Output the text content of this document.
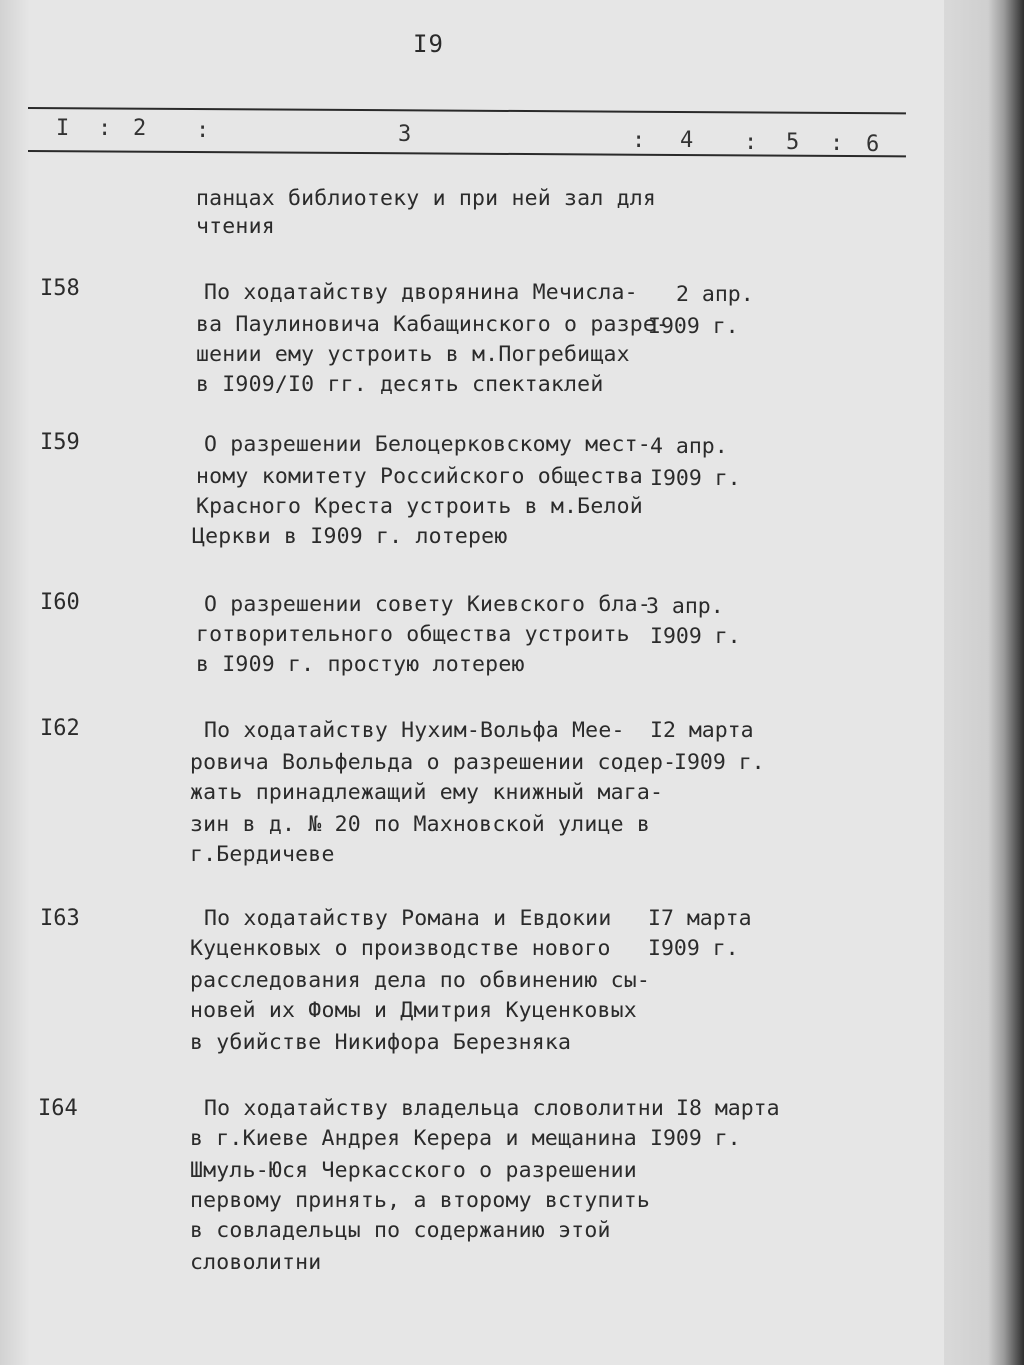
I9
I : 2 :	3	: 4 : 5 : 6
панцах библиотеку и при ней зал для
чтения
I58	По ходатайству дворянина Мечисла-
ва Паулиновича Кабащинского о разре-
шении ему устроить в м.Погребищах
в I909/I0 гг. десять спектаклей
2 апр.
I909 г.
I59	О разрешении Белоцерковскому мест-
ному комитету Российского общества
Красного Креста устроить в м.Белой
Церкви в I909 г. лотерею
4 апр.
I909 г.
I60	О разрешении совету Киевского бла-
готворительного общества устроить
в I909 г. простую лотерею
3 апр.
I909 г.
I62	По ходатайству Нухим-Вольфа Мее-
ровича Вольфельда о разрешении содер-
жать принадлежащий ему книжный мага-
зин в д. № 20 по Махновской улице в
г.Бердичеве
I2 марта
I909 г.
I63	По ходатайству Романа и Евдокии
Куценковых о производстве нового
расследования дела по обвинению сы-
новей их Фомы и Дмитрия Куценковых
в убийстве Никифора Березняка
I7 марта
I909 г.
I64	По ходатайству владельца словолитни
в г.Киеве Андрея Керера и мещанина
Шмуль-Юся Черкасского о разрешении
первому принять, а второму вступить
в совладельцы по содержанию этой
словолитни
I8 марта
I909 г.
